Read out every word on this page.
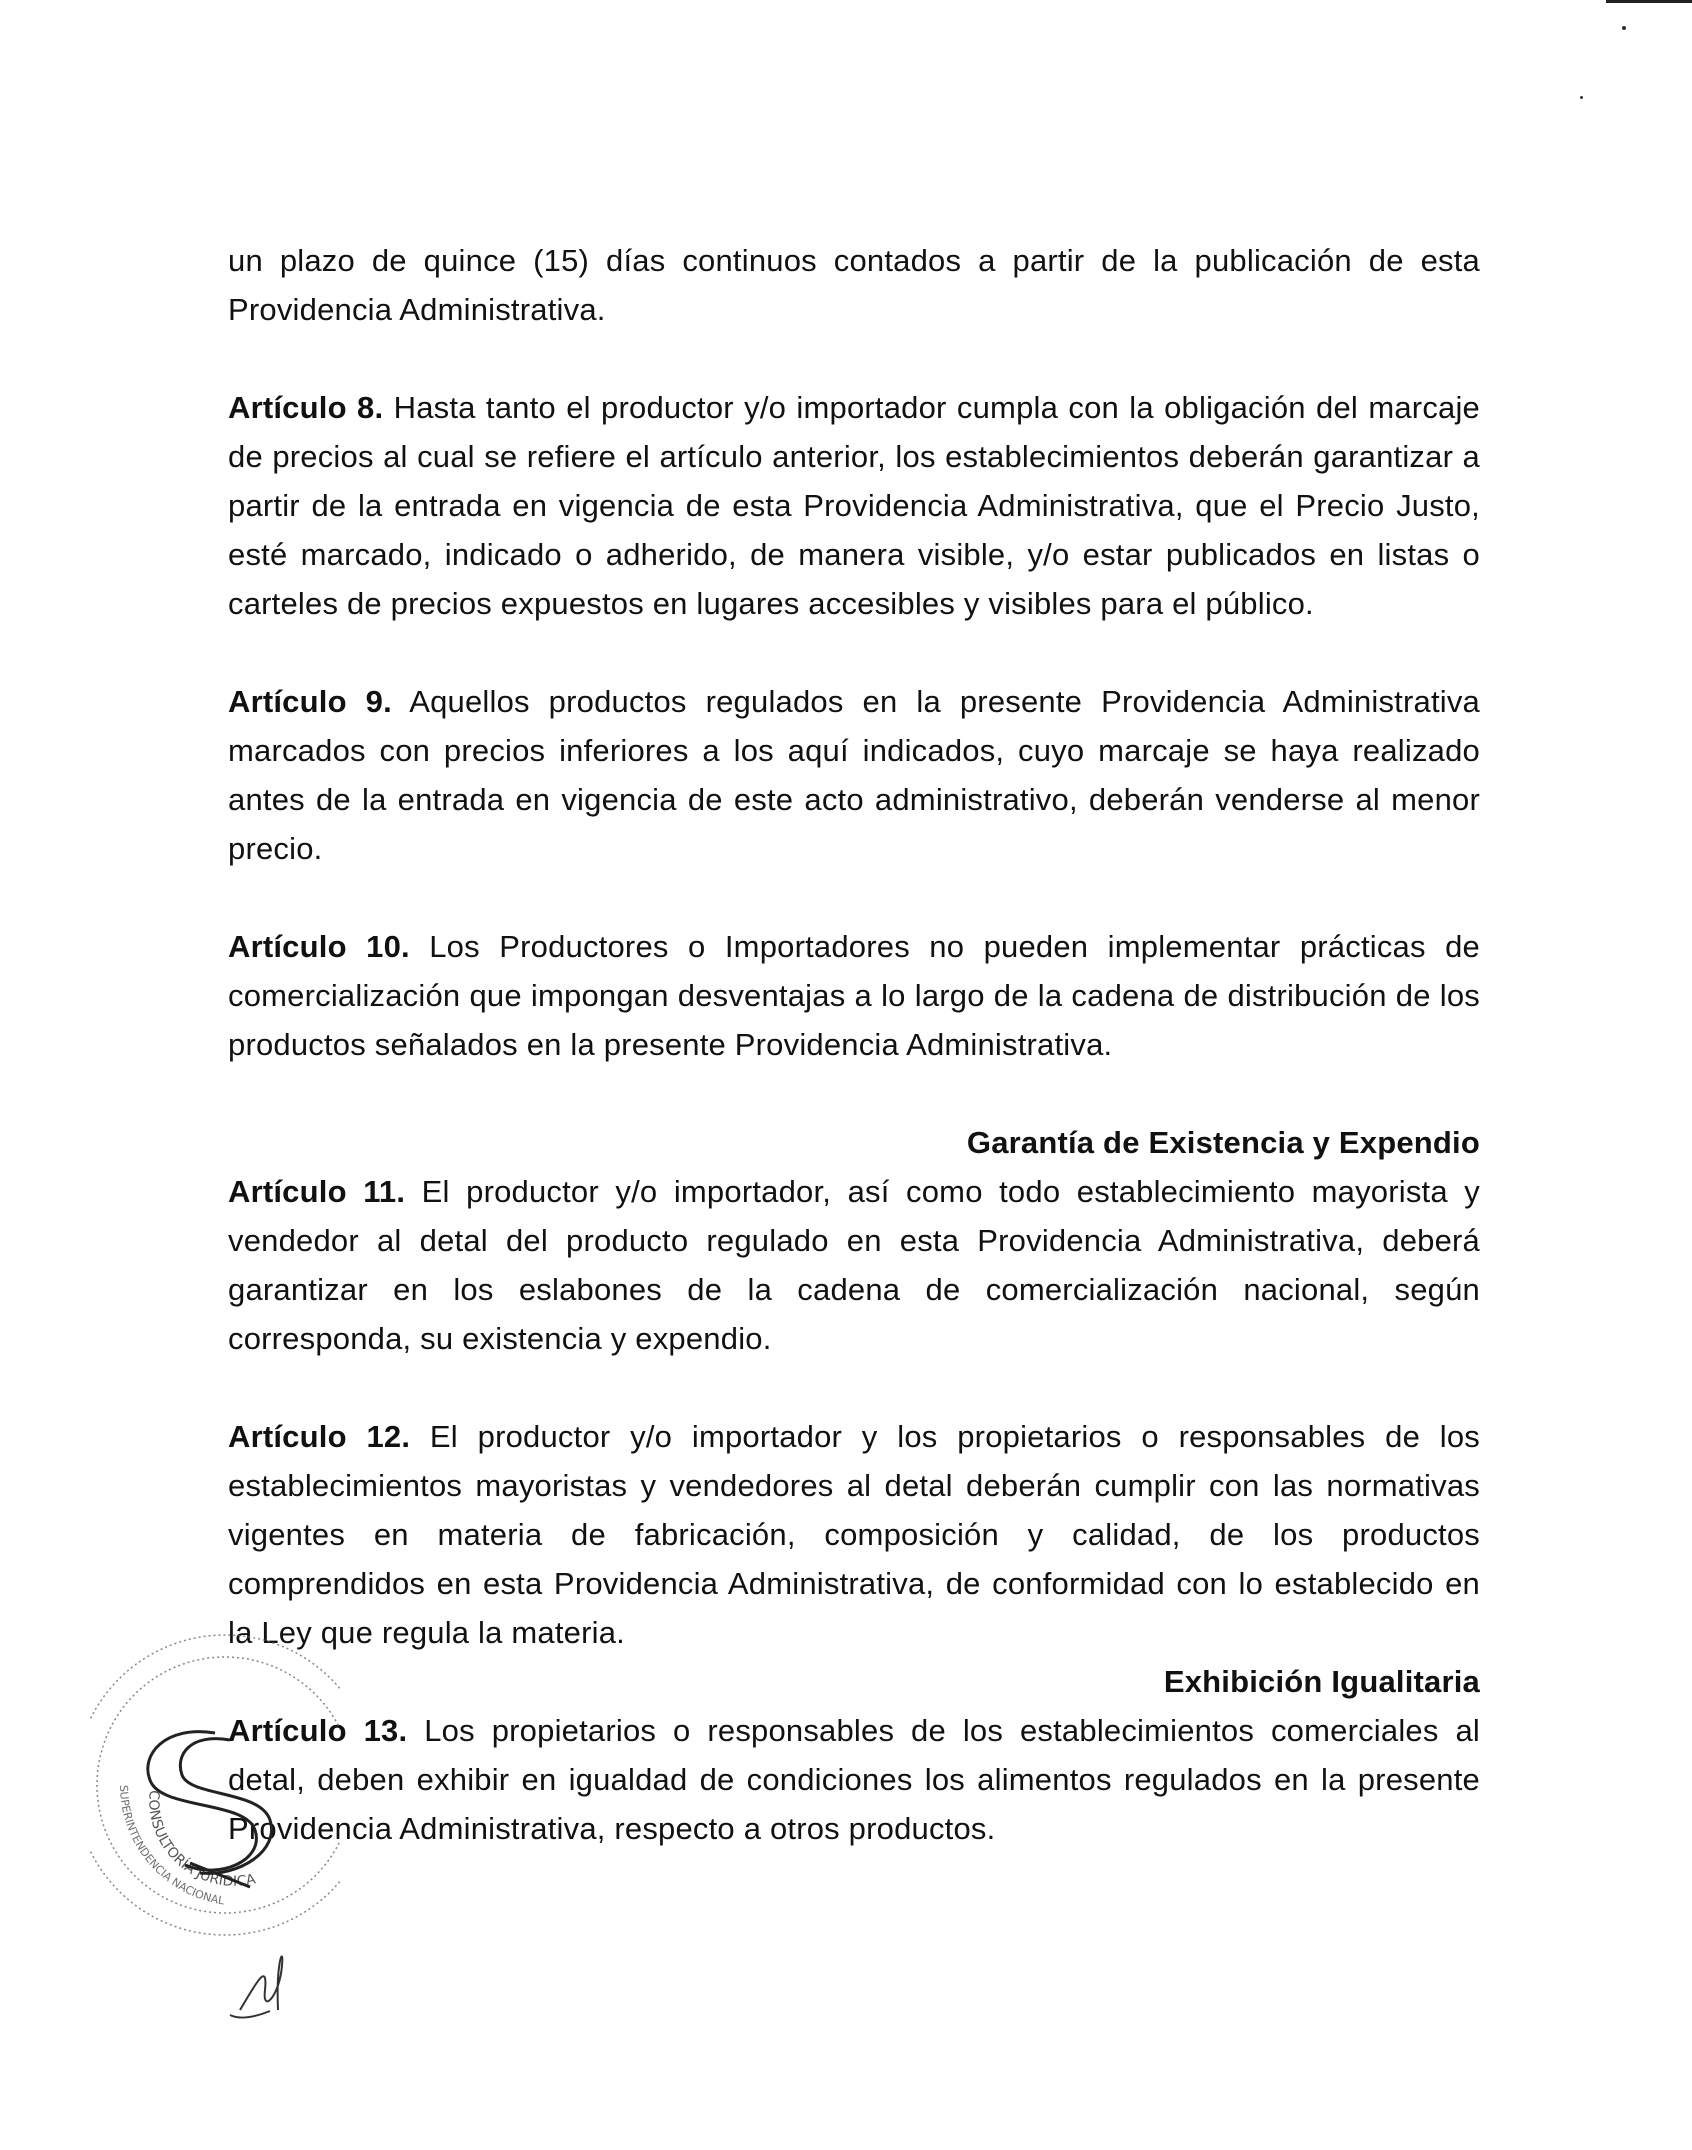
un plazo de quince (15) días continuos contados a partir de la publicación de esta Providencia Administrativa.

Artículo 8. Hasta tanto el productor y/o importador cumpla con la obligación del marcaje de precios al cual se refiere el artículo anterior, los establecimientos deberán garantizar a partir de la entrada en vigencia de esta Providencia Administrativa, que el Precio Justo, esté marcado, indicado o adherido, de manera visible, y/o estar publicados en listas o carteles de precios expuestos en lugares accesibles y visibles para el público.

Artículo 9. Aquellos productos regulados en la presente Providencia Administrativa marcados con precios inferiores a los aquí indicados, cuyo marcaje se haya realizado antes de la entrada en vigencia de este acto administrativo, deberán venderse al menor precio.

Artículo 10. Los Productores o Importadores no pueden implementar prácticas de comercialización que impongan desventajas a lo largo de la cadena de distribución de los productos señalados en la presente Providencia Administrativa.

Garantía de Existencia y Expendio

Artículo 11. El productor y/o importador, así como todo establecimiento mayorista y vendedor al detal del producto regulado en esta Providencia Administrativa, deberá garantizar en los eslabones de la cadena de comercialización nacional, según corresponda, su existencia y expendio.

Artículo 12. El productor y/o importador y los propietarios o responsables de los establecimientos mayoristas y vendedores al detal deberán cumplir con las normativas vigentes en materia de fabricación, composición y calidad, de los productos comprendidos en esta Providencia Administrativa, de conformidad con lo establecido en la Ley que regula la materia.

Exhibición Igualitaria

Artículo 13. Los propietarios o responsables de los establecimientos comerciales al detal, deben exhibir en igualdad de condiciones los alimentos regulados en la presente Providencia Administrativa, respecto a otros productos.

SUPERINTENDENCIA NACIONAL
CONSULTORÍA JURÍDICA
